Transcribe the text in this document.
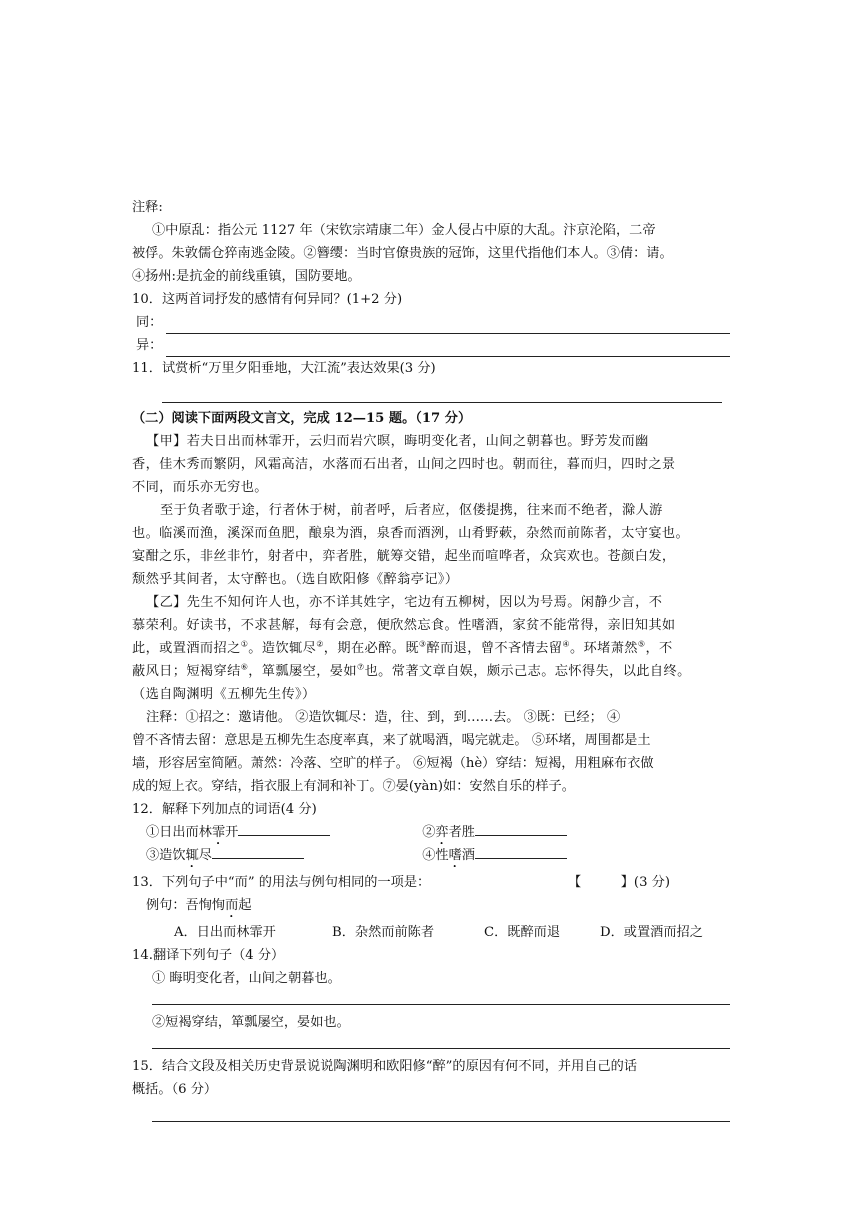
注释:
①中原乱：指公元 1127 年（宋钦宗靖康二年）金人侵占中原的大乱。汴京沦陷，二帝
被俘。朱敦儒仓猝南逃金陵。②簪缨：当时官僚贵族的冠饰，这里代指他们本人。③倩：请。
④扬州:是抗金的前线重镇，国防要地。
10．这两首词抒发的感情有何异同？(1+2 分)
同：
异：
11．试赏析“万里夕阳垂地，大江流”表达效果(3 分)
（二）阅读下面两段文言文，完成 12—15 题。（17 分）
【甲】若夫日出而林霏开，云归而岩穴暝，晦明变化者，山间之朝暮也。野芳发而幽
香，佳木秀而繁阴，风霜高洁，水落而石出者，山间之四时也。朝而往，暮而归，四时之景
不同，而乐亦无穷也。
至于负者歌于途，行者休于树，前者呼，后者应，伛偻提携，往来而不绝者，滁人游
也。临溪而渔，溪深而鱼肥，酿泉为酒，泉香而酒洌，山肴野蔌，杂然而前陈者，太守宴也。
宴酣之乐，非丝非竹，射者中，弈者胜，觥筹交错，起坐而喧哗者，众宾欢也。苍颜白发，
颓然乎其间者，太守醉也。（选自欧阳修《醉翁亭记》）
【乙】先生不知何许人也，亦不详其姓字，宅边有五柳树，因以为号焉。闲静少言，不
慕荣利。好读书，不求甚解，每有会意，便欣然忘食。性嗜酒，家贫不能常得，亲旧知其如
此，或置酒而招之①。造饮辄尽②，期在必醉。既③醉而退，曾不吝情去留④。环堵萧然⑤，不
蔽风日；短褐穿结⑥，箪瓢屡空，晏如⑦也。常著文章自娱，颇示己志。忘怀得失，以此自终。
（选自陶渊明《五柳先生传》）
注释：①招之：邀请他。 ②造饮辄尽：造，往、到，到……去。 ③既：已经； ④
曾不吝情去留：意思是五柳先生态度率真，来了就喝酒，喝完就走。 ⑤环堵，周围都是土
墙，形容居室简陋。萧然：冷落、空旷的样子。 ⑥短褐（hè）穿结：短褐，用粗麻布衣做
成的短上衣。穿结，指衣服上有洞和补丁。⑦晏(yàn)如：安然自乐的样子。
12．解释下列加点的词语(4 分)
①日出而林霏开	②弈者胜
③造饮辄尽	④性嗜酒
13．下列句子中“而” 的用法与例句相同的一项是：	【　　　】(3 分)
例句：吾恂恂而起
A．日出而林霏开	B．杂然而前陈者	C．既醉而退	D．或置酒而招之
14.翻译下列句子（4 分）
① 晦明变化者，山间之朝暮也。
②短褐穿结，箪瓢屡空，晏如也。
15．结合文段及相关历史背景说说陶渊明和欧阳修“醉”的原因有何不同，并用自己的话
概括。（6 分）
